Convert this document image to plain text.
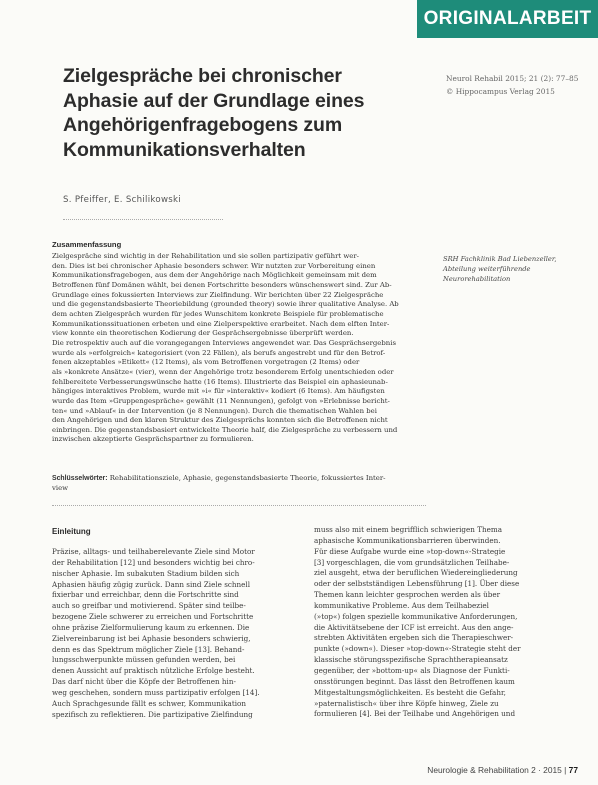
ORIGINALARBEIT
Zielgespräche bei chronischer
Aphasie auf der Grundlage eines
Angehörigenfragebogens zum
Kommunikationsverhalten
Neurol Rehabil 2015; 21 (2): 77–85
© Hippocampus Verlag 2015
S. Pfeiffer, E. Schilikowski
Zusammenfassung
Zielgespräche sind wichtig in der Rehabilitation und sie sollen partizipativ geführt wer-
den. Dies ist bei chronischer Aphasie besonders schwer. Wir nutzten zur Vorbereitung einen
Kommunikationsfragebogen, aus dem der Angehörige nach Möglichkeit gemeinsam mit dem
Betroffenen fünf Domänen wählt, bei denen Fortschritte besonders wünschenswert sind. Zur Ab-
Grundlage eines fokussierten Interviews zur Zielfindung. Wir berichten über 22 Zielgespräche
und die gegenstandsbasierte Theoriebildung (grounded theory) sowie ihrer qualitative Analyse. Ab
dem achten Zielgespräch wurden für jedes Wunschitem konkrete Beispiele für problematische
Kommunikationssituationen erbeten und eine Zielperspektive erarbeitet. Nach dem elften Inter-
view konnte ein theoretischen Kodierung der Gesprächsergebnisse überprüft werden.
Die retrospektiv auch auf die vorangegangen Interviews angewendet war. Das Gesprächsergebnis
wurde als »erfolgreich« kategorisiert (von 22 Fällen), als berufs angestrebt und für den Betrof-
fenen akzeptables »Etikett« (12 Items), als vom Betroffenen vorgetragen (2 Items) oder
als »konkrete Ansätze« (vier), wenn der Angehörige trotz besonderem Erfolg unentschieden oder
fehlbereitete Verbesserungswünsche hatte (16 Items). Illustrierte das Beispiel ein aphasieunab-
hängiges interaktives Problem, wurde mit »i« für »interaktiv« kodiert (6 Items). Am häufigsten
wurde das Item »Gruppengespräche« gewählt (11 Nennungen), gefolgt von »Erlebnisse bericht-
ten« und »Ablauf« in der Intervention (je 8 Nennungen). Durch die thematischen Wahlen bei
den Angehörigen und den klaren Struktur des Zielgesprächs konnten sich die Betroffenen nicht
einbringen. Die gegenstandsbasiert entwickelte Theorie half, die Zielgespräche zu verbessern und
inzwischen akzeptierte Gesprächspartner zu formulieren.
Schlüsselwörter: Rehabilitationsziele, Aphasie, gegenstandsbasierte Theorie, fokussiertes Inter-
view
SRH Fachklinik Bad Liebenzeller,
Abteilung weiterführende
Neurorehabilitation
Einleitung
Präzise, alltags- und teilhaberelevante Ziele sind Motor
der Rehabilitation [12] und besonders wichtig bei chro-
nischer Aphasie. Im subakuten Stadium bilden sich
Aphasien häufig zügig zurück. Dann sind Ziele schnell
fixierbar und erreichbar, denn die Fortschritte sind
auch so greifbar und motivierend. Später sind teilbe-
bezogene Ziele schwerer zu erreichen und Fortschritte
ohne präzise Zielformulierung kaum zu erkennen. Die
Zielvereinbarung ist bei Aphasie besonders schwierig,
denn es das Spektrum möglicher Ziele [13]. Behand-
lungsschwerpunkte müssen gefunden werden, bei
denen Aussicht auf praktisch nützliche Erfolge besteht.
Das darf nicht über die Köpfe der Betroffenen hin-
weg geschehen, sondern muss partizipativ erfolgen [14].
Auch Sprachgesunde fällt es schwer, Kommunikation
spezifisch zu reflektieren. Die partizipative Zielfindung
muss also mit einem begrifflich schwierigen Thema
aphasische Kommunikationsbarrieren überwinden.
Für diese Aufgabe wurde eine »top-down«-Strategie
[3] vorgeschlagen, die vom grundsätzlichen Teilhabe-
ziel ausgeht, etwa der beruflichen Wiedereingliederung
oder der selbstständigen Lebensführung [1]. Über diese
Themen kann leichter gesprochen werden als über
kommunikative Probleme. Aus dem Teilhabeziel
(»top«) folgen spezielle kommunikative Anforderungen,
die Aktivitätsebene der ICF ist erreicht. Aus den ange-
strebten Aktivitäten ergeben sich die Therapieschwer-
punkte (»down«). Dieser »top-down«-Strategie steht der
klassische störungsspezifische Sprachtherapieansatz
gegenüber, der »bottom-up« als Diagnose der Funkti-
onsstörungen beginnt. Das lässt den Betroffenen kaum
Mitgestaltungsmöglichkeiten. Es besteht die Gefahr,
»paternalistisch« über ihre Köpfe hinweg, Ziele zu
formulieren [4]. Bei der Teilhabe und Angehörigen und
Neurologie & Rehabilitation 2 · 2015 | 77
